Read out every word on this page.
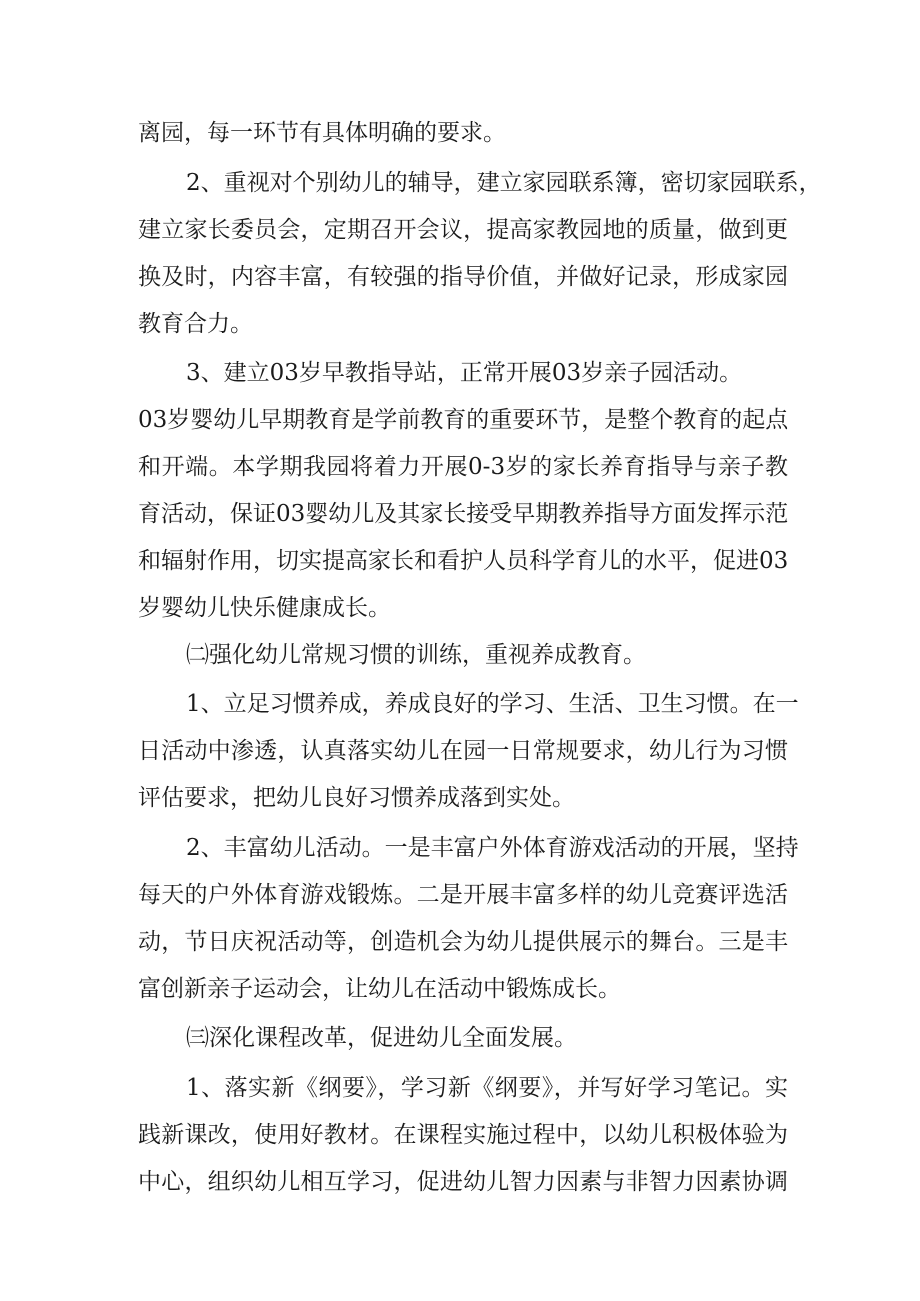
离园，每一环节有具体明确的要求。
2、重视对个别幼儿的辅导，建立家园联系簿，密切家园联系，
建立家长委员会，定期召开会议，提高家教园地的质量，做到更
换及时，内容丰富，有较强的指导价值，并做好记录，形成家园
教育合力。
3、建立03岁早教指导站，正常开展03岁亲子园活动。
03岁婴幼儿早期教育是学前教育的重要环节，是整个教育的起点
和开端。本学期我园将着力开展0-3岁的家长养育指导与亲子教
育活动，保证03婴幼儿及其家长接受早期教养指导方面发挥示范
和辐射作用，切实提高家长和看护人员科学育儿的水平，促进03
岁婴幼儿快乐健康成长。
㈡强化幼儿常规习惯的训练，重视养成教育。
1、立足习惯养成，养成良好的学习、生活、卫生习惯。在一
日活动中渗透，认真落实幼儿在园一日常规要求，幼儿行为习惯
评估要求，把幼儿良好习惯养成落到实处。
2、丰富幼儿活动。一是丰富户外体育游戏活动的开展，坚持
每天的户外体育游戏锻炼。二是开展丰富多样的幼儿竞赛评选活
动，节日庆祝活动等，创造机会为幼儿提供展示的舞台。三是丰
富创新亲子运动会，让幼儿在活动中锻炼成长。
㈢深化课程改革，促进幼儿全面发展。
1、落实新《纲要》，学习新《纲要》，并写好学习笔记。实
践新课改，使用好教材。在课程实施过程中，以幼儿积极体验为
中心，组织幼儿相互学习，促进幼儿智力因素与非智力因素协调
